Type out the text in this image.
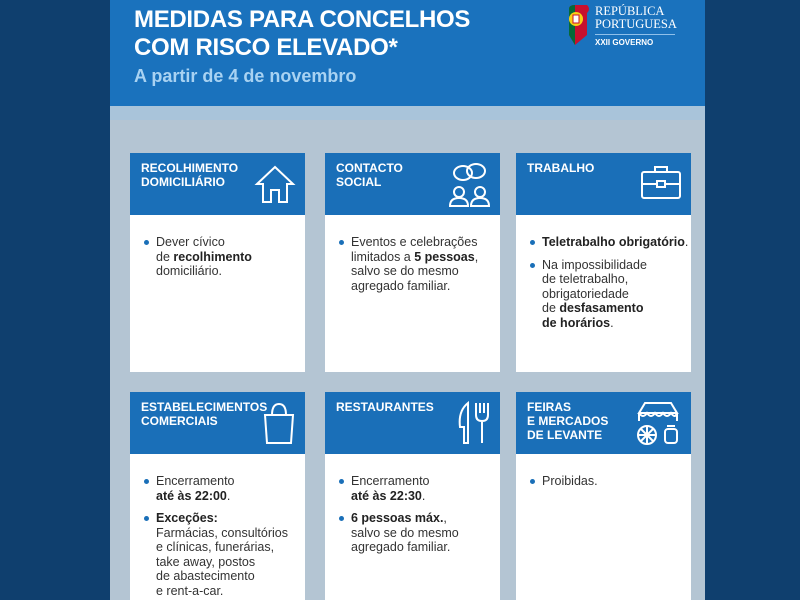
MEDIDAS PARA CONCELHOS
COM RISCO ELEVADO*
A partir de 4 de novembro
REPÚBLICA
PORTUGUESA
XXII GOVERNO
RECOLHIMENTO
DOMICILIÁRIO
Dever cívico
de recolhimento
domiciliário.
CONTACTO
SOCIAL
Eventos e celebrações
limitados a 5 pessoas,
salvo se do mesmo
agregado familiar.
TRABALHO
Teletrabalho obrigatório.
Na impossibilidade
de teletrabalho,
obrigatoriedade
de desfasamento
de horários.
ESTABELECIMENTOS
COMERCIAIS
Encerramento
até às 22:00.
Exceções:
Farmácias, consultórios
e clínicas, funerárias,
take away, postos
de abastecimento
e rent-a-car.
RESTAURANTES
Encerramento
até às 22:30.
6 pessoas máx.,
salvo se do mesmo
agregado familiar.
FEIRAS
E MERCADOS
DE LEVANTE
Proibidas.
